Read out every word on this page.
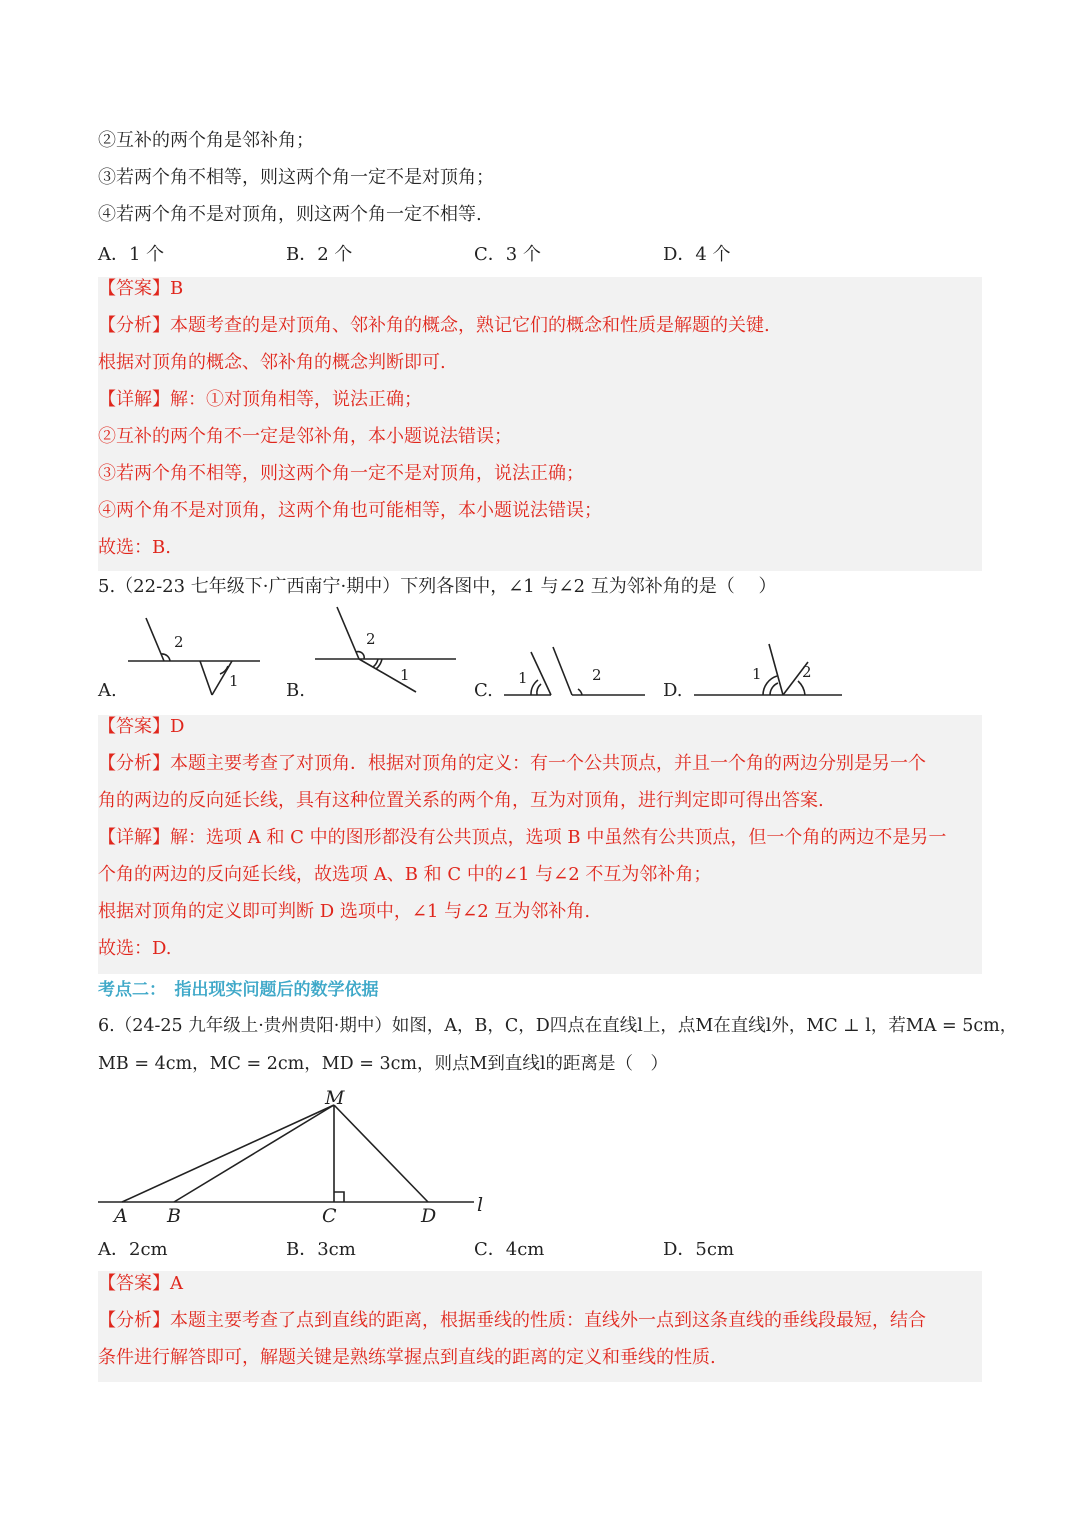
②互补的两个角是邻补角；
③若两个角不相等，则这两个角一定不是对顶角；
④若两个角不是对顶角，则这两个角一定不相等.
A．1 个	B．2 个	C．3 个	D．4 个
【答案】B
【分析】本题考查的是对顶角、邻补角的概念，熟记它们的概念和性质是解题的关键.
根据对顶角的概念、邻补角的概念判断即可.
【详解】解：①对顶角相等，说法正确；
②互补的两个角不一定是邻补角，本小题说法错误；
③若两个角不相等，则这两个角一定不是对顶角，说法正确；
④两个角不是对顶角，这两个角也可能相等，本小题说法错误；
故选：B.
5.（22-23 七年级下·广西南宁·期中）下列各图中，∠1 与∠2 互为邻补角的是（　 ）
A.	B.	C.	D.
2
1
2
1	1	2	1	2
【答案】D
【分析】本题主要考查了对顶角．根据对顶角的定义：有一个公共顶点，并且一个角的两边分别是另一个
角的两边的反向延长线，具有这种位置关系的两个角，互为对顶角，进行判定即可得出答案.
【详解】解：选项 A 和 C 中的图形都没有公共顶点，选项 B 中虽然有公共顶点，但一个角的两边不是另一
个角的两边的反向延长线，故选项 A、B 和 C 中的∠1 与∠2 不互为邻补角；
根据对顶角的定义即可判断 D 选项中，∠1 与∠2 互为邻补角.
故选：D.
考点二：　指出现实问题后的数学依据
6.（24-25 九年级上·贵州贵阳·期中）如图，A，B，C，D四点在直线l上，点M在直线l外，MC ⊥ l，若MA = 5cm，
MB = 4cm，MC = 2cm，MD = 3cm，则点M到直线l的距离是（　）
M
A B	C	D l
A．2cm	B．3cm	C．4cm	D．5cm
【答案】A
【分析】本题主要考查了点到直线的距离，根据垂线的性质：直线外一点到这条直线的垂线段最短，结合
条件进行解答即可，解题关键是熟练掌握点到直线的距离的定义和垂线的性质.
